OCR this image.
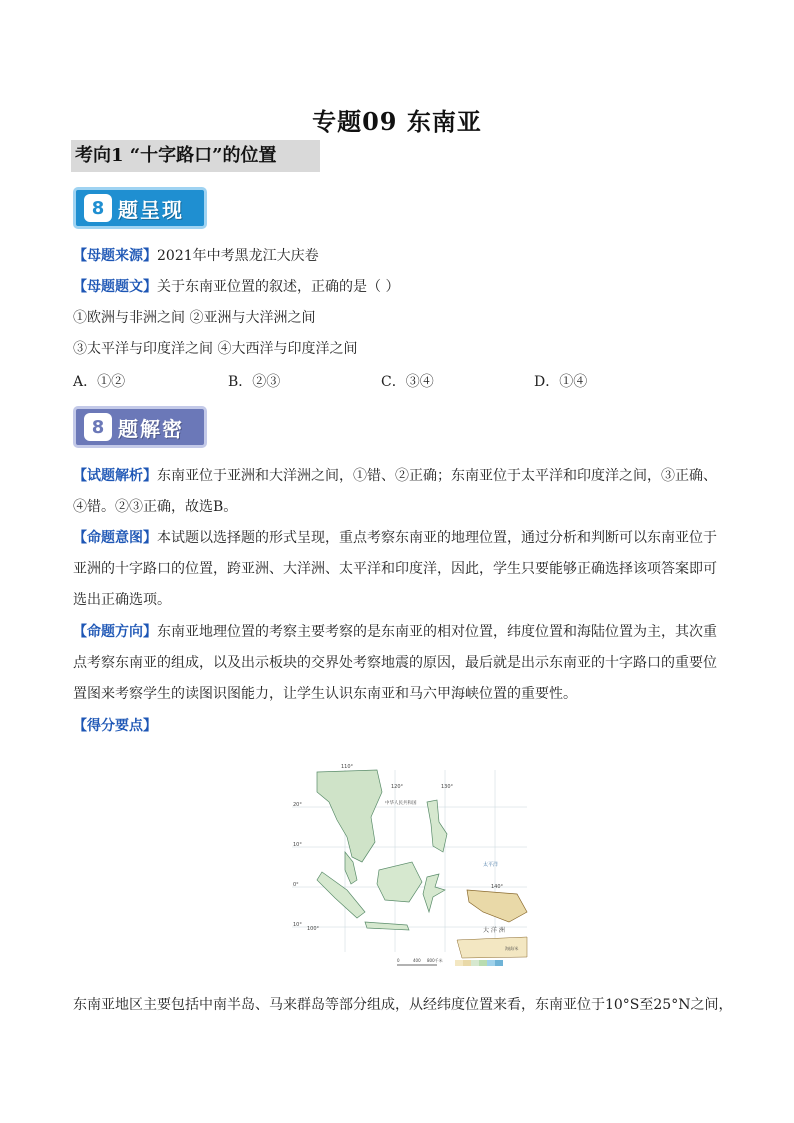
专题09 东南亚
考向1 “十字路口”的位置
8 题呈现
【母题来源】2021年中考黑龙江大庆卷
【母题题文】关于东南亚位置的叙述，正确的是（ ）
①欧洲与非洲之间 ②亚洲与大洋洲之间
③太平洋与印度洋之间 ④大西洋与印度洋之间
A．①②	B．②③	C．③④	D．①④
8 题解密
【试题解析】东南亚位于亚洲和大洋洲之间，①错、②正确；东南亚位于太平洋和印度洋之间，③正确、④错。②③正确，故选B。
【命题意图】本试题以选择题的形式呈现，重点考察东南亚的地理位置，通过分析和判断可以东南亚位于亚洲的十字路口的位置，跨亚洲、大洋洲、太平洋和印度洋，因此，学生只要能够正确选择该项答案即可选出正确选项。
【命题方向】东南亚地理位置的考察主要考察的是东南亚的相对位置，纬度位置和海陆位置为主，其次重点考察东南亚的组成，以及出示板块的交界处考察地震的原因，最后就是出示东南亚的十字路口的重要位置图来考察学生的读图识图能力，让学生认识东南亚和马六甲海峡位置的重要性。
【得分要点】
110°
120°	130°
140°
100°
20°
10°
0°
10°
中华人民共和国
太平洋
大 洋 洲
海拔/米
0	400 800千米
东南亚地区主要包括中南半岛、马来群岛等部分组成，从经纬度位置来看，东南亚位于10°S至25°N之间，
